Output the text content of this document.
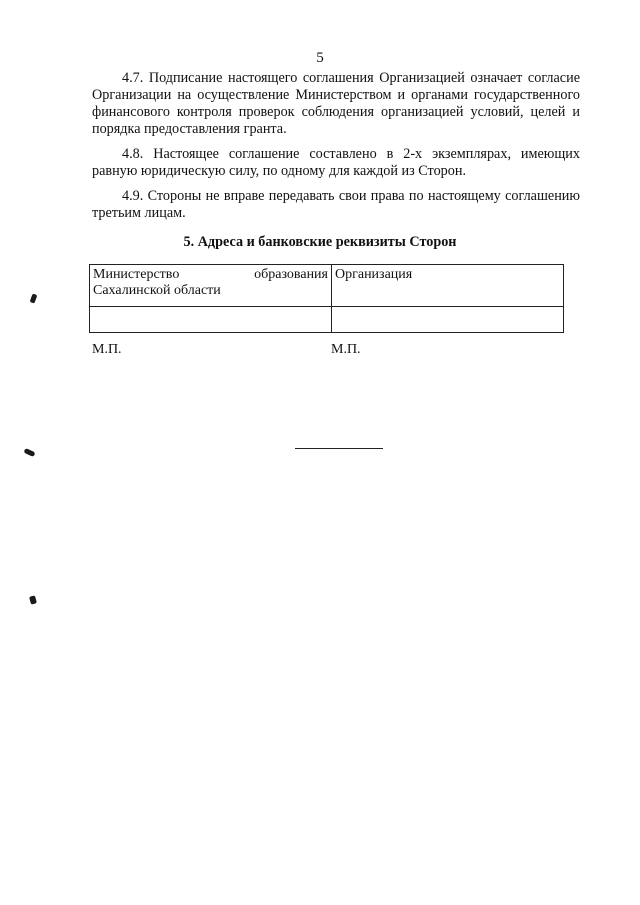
5

4.7. Подписание настоящего соглашения Организацией означает согласие Организации на осуществление Министерством и органами государственного финансового контроля проверок соблюдения организацией условий, целей и порядка предоставления гранта.

4.8. Настоящее соглашение составлено в 2-х экземплярах, имеющих равную юридическую силу, по одному для каждой из Сторон.

4.9. Стороны не вправе передавать свои права по настоящему соглашению третьим лицам.

5. Адреса и банковские реквизиты Сторон
Министерство образования
Сахалинской области	Организация

М.П.	М.П.
